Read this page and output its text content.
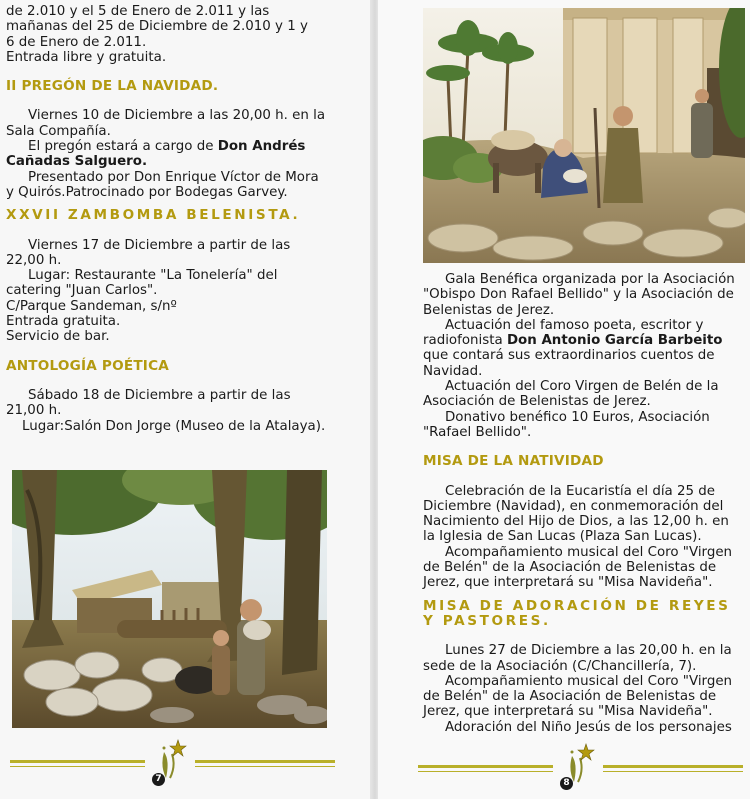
de 2.010 y el 5 de Enero de 2.011 y las

mañanas del 25 de Diciembre de 2.010 y 1 y

6 de Enero de 2.011.

Entrada libre y gratuita.

II PREGÓN DE LA NAVIDAD.

Viernes 10 de Diciembre a las 20,00 h. en la Sala Compañía.

El pregón estará a cargo de Don Andrés Cañadas Salguero.

Presentado por Don Enrique Víctor de Mora y Quirós.Patrocinado por Bodegas Garvey.

XXVII ZAMBOMBA BELENISTA.

Viernes 17 de Diciembre a partir de las 22,00 h.

Lugar: Restaurante "La Tonelería" del catering "Juan Carlos".

C/Parque Sandeman, s/nº

Entrada gratuita.

Servicio de bar.

ANTOLOGÍA POÉTICA

Sábado 18 de Diciembre a partir de las 21,00 h.

Lugar:Salón Don Jorge (Museo de la Atalaya).

7

Gala Benéfica organizada por la Asociación "Obispo Don Rafael Bellido" y la Asociación de Belenistas de Jerez.

Actuación del famoso poeta, escritor y radiofonista Don Antonio García Barbeito que contará sus extraordinarios cuentos de Navidad.

Actuación del Coro Virgen de Belén de la Asociación de Belenistas de Jerez.

Donativo benéfico 10 Euros, Asociación "Rafael Bellido".

MISA DE LA NATIVIDAD

Celebración de la Eucaristía el día 25 de Diciembre (Navidad), en conmemoración del Nacimiento del Hijo de Dios, a las 12,00 h. en la Iglesia de San Lucas (Plaza San Lucas).

Acompañamiento musical del Coro "Virgen de Belén" de la Asociación de Belenistas de Jerez, que interpretará su "Misa Navideña".

MISA DE ADORACIÓN DE REYES Y PASTORES.

Lunes 27 de Diciembre a las 20,00 h. en la sede de la Asociación (C/Chancillería, 7).

Acompañamiento musical del Coro "Virgen de Belén" de la Asociación de Belenistas de Jerez, que interpretará su "Misa Navideña".

Adoración del Niño Jesús de los personajes

8
